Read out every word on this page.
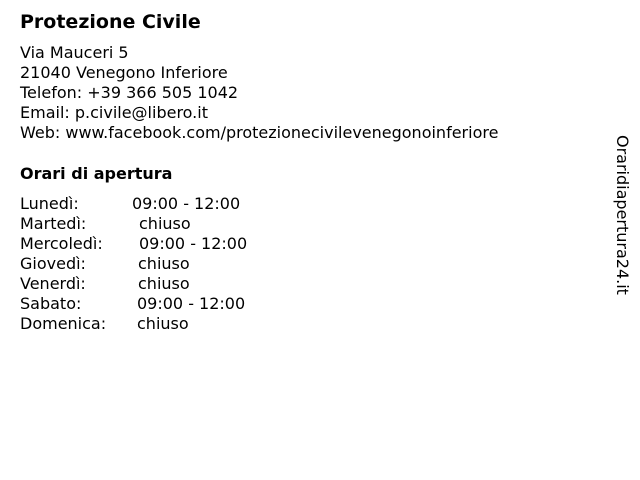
Protezione Civile
Via Mauceri 5
21040 Venegono Inferiore
Telefon: +39 366 505 1042
Email: p.civile@libero.it
Web: www.facebook.com/protezionecivilevenegonoinferiore
Orari di apertura
Lunedì:	09:00 - 12:00
Martedì:	chiuso
Mercoledì: 09:00 - 12:00
Giovedì:	chiuso
Venerdì:	chiuso
Sabato:	09:00 - 12:00
Domenica: chiuso
Oraridiapertura24.it
